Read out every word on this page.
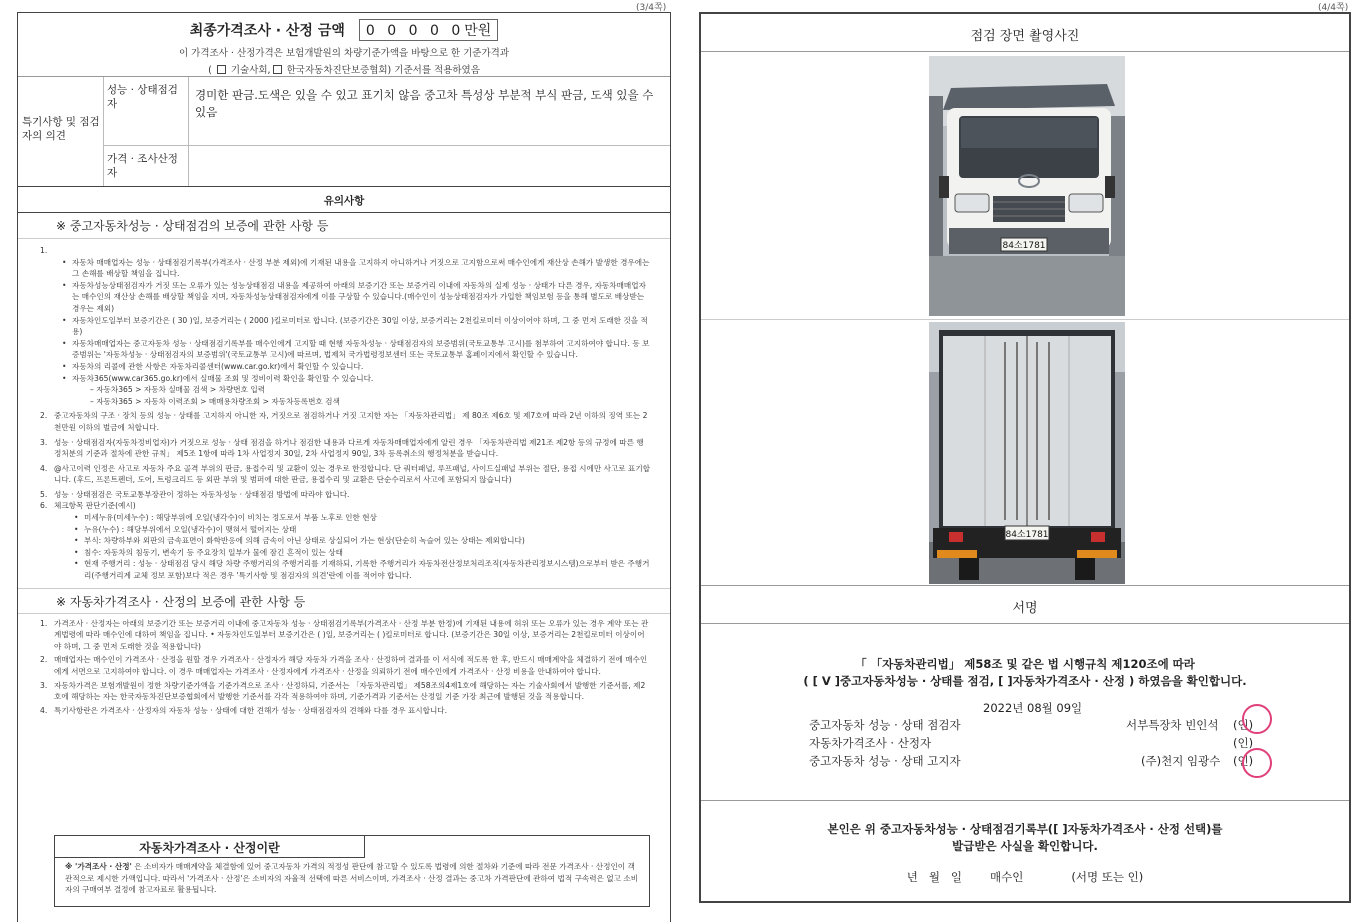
(3/4쪽)	(4/4쪽)
최종가격조사 · 산정 금액	0 0 0 0 0만원
이 가격조사 · 산정가격은 보험개발원의 차량기준가액을 바탕으로 한 기준가격과
(  기술사회, 한국자동차진단보증협회) 기준서를 적용하였음
특기사항 및 점검자의 의견
성능 · 상태점검자
경미한 판금.도색은 있을 수 있고 표기치 않음 중고차 특성상 부분적 부식 판금, 도색 있을 수 있음
가격 · 조사산정자
유의사항
※ 중고자동차성능 · 상태점검의 보증에 관한 사항 등
1.
• 자동차 매매업자는 성능 · 상태점검기록부(가격조사 · 산정 부분 제외)에 기재된 내용을 고지하지 아니하거나 거짓으로 고지함으로써 매수인에게 재산상 손해가 발생한 경우에는 그 손해를 배상할 책임을 집니다.
• 자동차성능상태점검자가 거짓 또는 오류가 있는 성능상태점검 내용을 제공하여 아래의 보증기간 또는 보증거리 이내에 자동차의 실제 성능 · 상태가 다른 경우, 자동차매매업자는 매수인의 재산상 손해를 배상할 책임을 지며, 자동차성능상태점검자에게 이를 구상할 수 있습니다.(매수인이 성능상태점검자가 가입한 책임보험 등을 통해 별도로 배상받는 경우는 제외)
• 자동차인도일부터 보증기간은 ( 30 )일, 보증거리는 ( 2000 )킬로미터로 합니다. (보증기간은 30일 이상, 보증거리는 2천킬로미터 이상이어야 하며, 그 중 먼저 도래한 것을 적용)
• 자동차매매업자는 중고자동차 성능 · 상태점검기록부를 매수인에게 고지할 때 현행 자동차성능 · 상태점검자의 보증범위(국토교통부 고시)를 첨부하여 고지하여야 합니다. 동 보증범위는 '자동차성능 · 상태점검자의 보증범위'(국토교통부 고시)에 따르며, 법제처 국가법령정보센터 또는 국토교통부 홈페이지에서 확인할 수 있습니다.
• 자동차의 리콜에 관한 사항은 자동차리콜센터(www.car.go.kr)에서 확인할 수 있습니다.
• 자동차365(www.car365.go.kr)에서 실매물 조회 및 정비이력 확인을 확인할 수 있습니다.
– 자동차365 > 자동차 실매물 검색 > 차량번호 입력
– 자동차365 > 자동차 이력조회 > 매매용차량조회 > 자동차등록번호 검색
2. 중고자동차의 구조 · 장치 등의 성능 · 상태를 고지하지 아니한 자, 거짓으로 점검하거나 거짓 고지한 자는 「자동차관리법」 제 80조 제6호 및 제7호에 따라 2년 이하의 징역 또는 2천만원 이하의 벌금에 처합니다.
3. 성능 · 상태점검자(자동차정비업자)가 거짓으로 성능 · 상태 점검을 하거나 점검한 내용과 다르게 자동차매매업자에게 알린 경우 「자동차관리법 제21조 제2항 등의 규정에 따른 행정처분의 기준과 절차에 관한 규칙」 제5조 1항에 따라 1차 사업정지 30일, 2차 사업정지 90일, 3차 등록취소의 행정처분을 받습니다.
4. @사고이력 인정은 사고로 자동차 주요 골격 부위의 판금, 용접수리 및 교환이 있는 경우로 한정합니다. 단 쿼터패널, 루프패널, 사이드실패널 부위는 절단, 용접 시에만 사고로 표기합니다. (후드, 프론트펜더, 도어, 트렁크리드 등 외판 부위 및 범퍼에 대한 판금, 용접수리 및 교환은 단순수리로서 사고에 포함되지 않습니다)
5. 성능 · 상태점검은 국토교통부장관이 정하는 자동차성능 · 상태점검 방법에 따라야 합니다.
6. 체크항목 판단기준(예시)
• 미세누유(미세누수) : 해당부위에 오일(냉각수)이 비치는 정도로서 부품 노후로 인한 현상
• 누유(누수) : 해당부위에서 오일(냉각수)이 맺혀서 떨어지는 상태
• 부식: 차량하부와 외판의 금속표면이 화학반응에 의해 금속이 아닌 상태로 상실되어 가는 현상(단순히 녹슬어 있는 상태는 제외합니다)
• 침수: 자동차의 침동기, 변속기 등 주요장치 일부가 물에 잠긴 흔적이 있는 상태
• 현재 주행거리 : 성능 · 상태점검 당시 해당 차량 주행거리의 주행거리를 기재하되, 기록한 주행거리가 자동차전산정보처리조직(자동차관리정보시스템)으로부터 받은 주행거리(주행거리계 교체 정보 포함)보다 적은 경우 '특기사항 및 점검자의 의견'란에 이를 적어야 합니다.
※ 자동차가격조사 · 산정의 보증에 관한 사항 등
1. 가격조사 · 산정자는 아래의 보증기간 또는 보증거리 이내에 중고자동차 성능 · 상태점검기록부(가격조사 · 산정 부분 한정)에 기재된 내용에 허위 또는 오류가 있는 경우 계약 또는 관계법령에 따라 매수인에 대하여 책임을 집니다. • 자동차인도일부터 보증기간은 ( )일, 보증거리는 ( )킬로미터로 합니다. (보증기간은 30일 이상, 보증거리는 2천킬로미터 이상이어야 하며, 그 중 먼저 도래한 것을 적용합니다)
2. 매매업자는 매수인이 가격조사 · 산정을 원할 경우 가격조사 · 산정자가 해당 자동차 가격을 조사 · 산정하여 결과를 이 서식에 적도록 한 후, 반드시 매매계약을 체결하기 전에 매수인에게 서면으로 고지하여야 합니다. 이 경우 매매업자는 가격조사 · 산정자에게 가격조사 · 산정을 의뢰하기 전에 매수인에게 가격조사 · 산정 비용을 안내하여야 합니다.
3. 자동차가격은 보험개발원이 정한 차량기준가액을 기준가격으로 조사 · 산정하되, 기준서는 「자동차관리법」 제58조의4제1호에 해당하는 자는 기술사회에서 발행한 기준서를, 제2호에 해당하는 자는 한국자동차진단보증협회에서 발행한 기준서를 각각 적용하여야 하며, 기준가격과 기준서는 산정일 기준 가장 최근에 발행된 것을 적용합니다.
4. 특기사항란은 가격조사 · 산정자의 자동차 성능 · 상태에 대한 견해가 성능 · 상태점검자의 견해와 다를 경우 표시합니다.
자동차가격조사 · 산정이란
※ '가격조사 · 산정' 은 소비자가 매매계약을 체결함에 있어 중고자동차 가격의 적정성 판단에 참고할 수 있도록 법령에 의한 절차와 기준에 따라 전문 가격조사 · 산정인이 객관적으로 제시한 가액입니다. 따라서 '가격조사 · 산정'은 소비자의 자율적 선택에 따른 서비스이며, 가격조사 · 산정 결과는 중고차 가격판단에 관하여 법적 구속력은 없고 소비자의 구매여부 결정에 참고자료로 활용됩니다.
점검 장면 촬영사진
84소1781
84소1781
서명
「 「자동차관리법」 제58조 및 같은 법 시행규칙 제120조에 따라
( [ V ]중고자동차성능 · 상태를 점검, [ ]자동차가격조사 · 산정 ) 하였음을 확인합니다.
2022년 08월 09일
중고자동차 성능 · 상태 점검자	서부특장차 빈인석 (인)
자동차가격조사 · 산정자	(인)
중고자동차 성능 · 상태 고지자	(주)천지 임광수 (인)
본인은 위 중고자동차성능 · 상태점검기록부([ ]자동차가격조사 · 산정 선택)를
발급받은 사실을 확인합니다.
년   월   일 매수인	(서명 또는 인)
